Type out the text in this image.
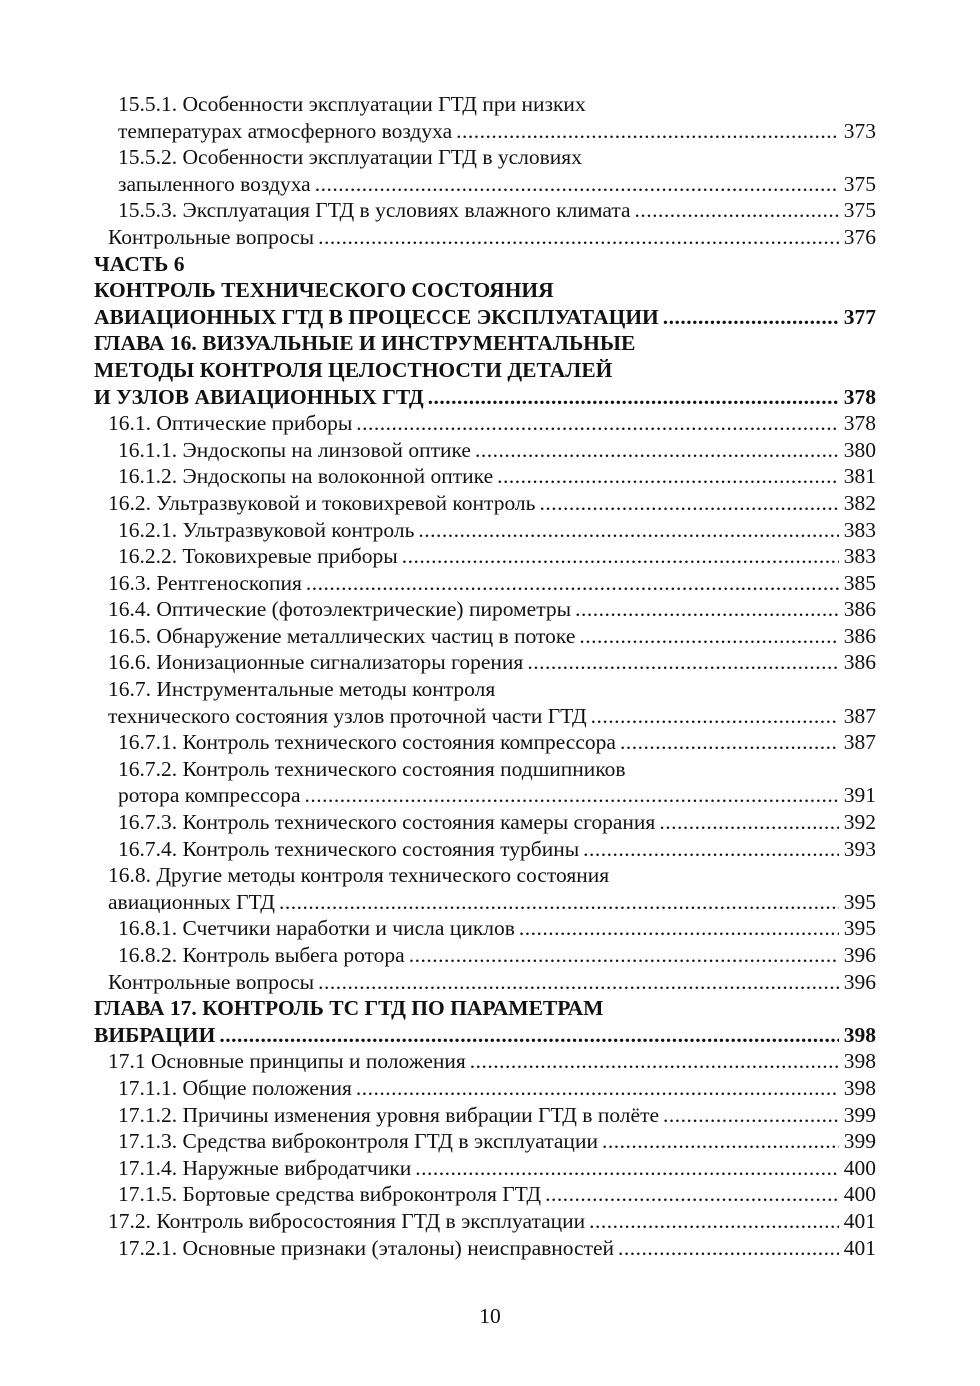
15.5.1. Особенности эксплуатации ГТД при низких
температурах атмосферного воздуха .....	373
15.5.2. Особенности эксплуатации ГТД в условиях
запыленного воздуха .....	375
15.5.3. Эксплуатация ГТД в условиях влажного климата .....	375
Контрольные вопросы .....	376
ЧАСТЬ 6
КОНТРОЛЬ ТЕХНИЧЕСКОГО СОСТОЯНИЯ
АВИАЦИОННЫХ ГТД В ПРОЦЕССЕ ЭКСПЛУАТАЦИИ .....	377
ГЛАВА 16. ВИЗУАЛЬНЫЕ И ИНСТРУМЕНТАЛЬНЫЕ
МЕТОДЫ КОНТРОЛЯ ЦЕЛОСТНОСТИ ДЕТАЛЕЙ
И УЗЛОВ АВИАЦИОННЫХ ГТД .....	378
16.1. Оптические приборы .....	378
16.1.1. Эндоскопы на линзовой оптике .....	380
16.1.2. Эндоскопы на волоконной оптике .....	381
16.2. Ультразвуковой и токовихревой контроль .....	382
16.2.1. Ультразвуковой контроль .....	383
16.2.2. Токовихревые приборы .....	383
16.3. Рентгеноскопия .....	385
16.4. Оптические (фотоэлектрические) пирометры .....	386
16.5. Обнаружение металлических частиц в потоке .....	386
16.6. Ионизационные сигнализаторы горения .....	386
16.7. Инструментальные методы контроля
технического состояния узлов проточной части ГТД .....	387
16.7.1. Контроль технического состояния компрессора .....	387
16.7.2. Контроль технического состояния подшипников
ротора компрессора .....	391
16.7.3. Контроль технического состояния камеры сгорания .....	392
16.7.4. Контроль технического состояния турбины .....	393
16.8. Другие методы контроля технического состояния
авиационных ГТД .....	395
16.8.1. Счетчики наработки и числа циклов .....	395
16.8.2. Контроль выбега ротора .....	396
Контрольные вопросы .....	396
ГЛАВА 17. КОНТРОЛЬ ТС ГТД ПО ПАРАМЕТРАМ
ВИБРАЦИИ .....	398
17.1 Основные принципы и положения .....	398
17.1.1. Общие положения .....	398
17.1.2. Причины изменения уровня вибрации ГТД в полёте .....	399
17.1.3. Средства виброконтроля ГТД в эксплуатации .....	399
17.1.4. Наружные вибродатчики .....	400
17.1.5. Бортовые средства виброконтроля ГТД .....	400
17.2. Контроль вибросостояния ГТД в эксплуатации .....	401
17.2.1. Основные признаки (эталоны) неисправностей .....	401
10
